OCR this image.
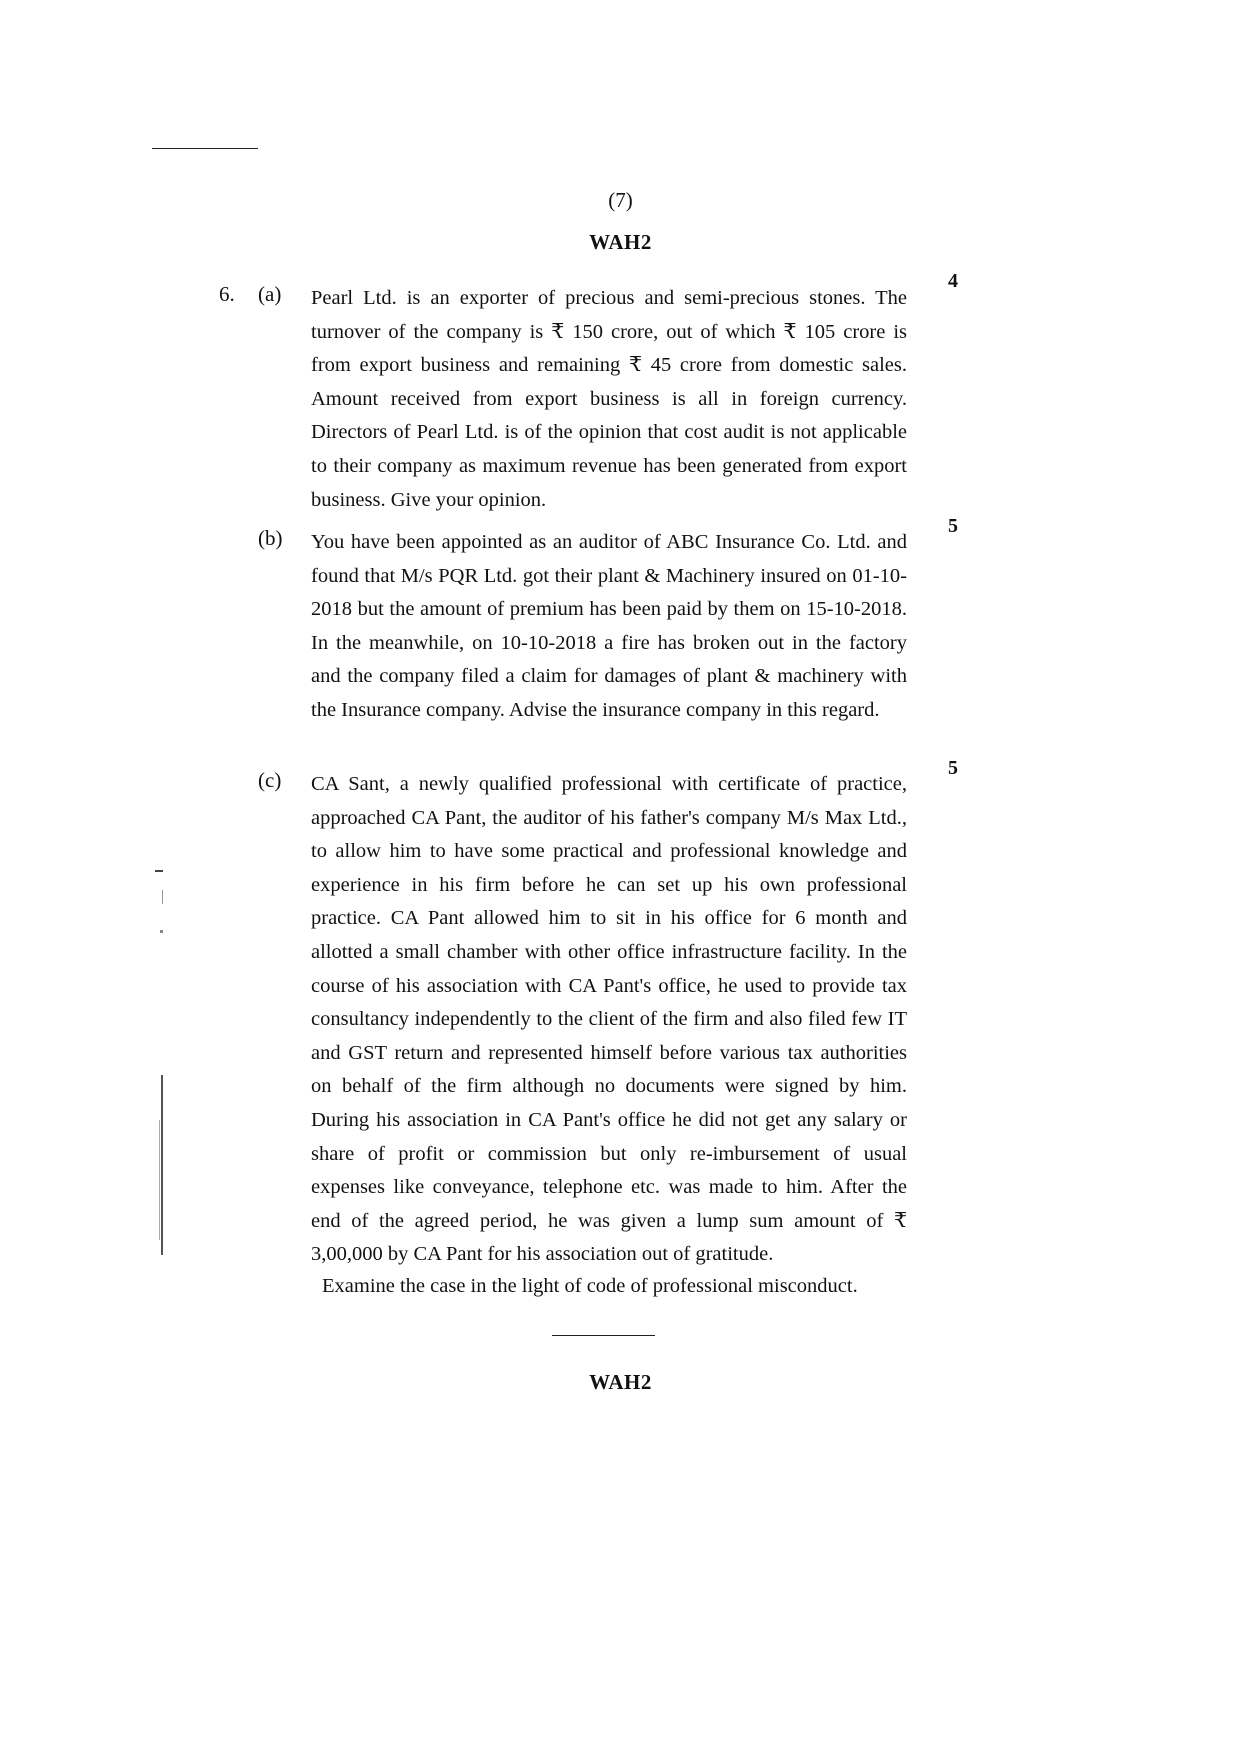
(7)
WAH2
6. (a) Pearl Ltd. is an exporter of precious and semi-precious stones. The turnover of the company is ₹ 150 crore, out of which ₹ 105 crore is from export business and remaining ₹ 45 crore from domestic sales. Amount received from export business is all in foreign currency. Directors of Pearl Ltd. is of the opinion that cost audit is not applicable to their company as maximum revenue has been generated from export business. Give your opinion.
4
(b) You have been appointed as an auditor of ABC Insurance Co. Ltd. and found that M/s PQR Ltd. got their plant & Machinery insured on 01-10-2018 but the amount of premium has been paid by them on 15-10-2018. In the meanwhile, on 10-10-2018 a fire has broken out in the factory and the company filed a claim for damages of plant & machinery with the Insurance company. Advise the insurance company in this regard.
5
(c) CA Sant, a newly qualified professional with certificate of practice, approached CA Pant, the auditor of his father's company M/s Max Ltd., to allow him to have some practical and professional knowledge and experience in his firm before he can set up his own professional practice. CA Pant allowed him to sit in his office for 6 month and allotted a small chamber with other office infrastructure facility. In the course of his association with CA Pant's office, he used to provide tax consultancy independently to the client of the firm and also filed few IT and GST return and represented himself before various tax authorities on behalf of the firm although no documents were signed by him. During his association in CA Pant's office he did not get any salary or share of profit or commission but only re-imbursement of usual expenses like conveyance, telephone etc. was made to him. After the end of the agreed period, he was given a lump sum amount of ₹ 3,00,000 by CA Pant for his association out of gratitude.
5
Examine the case in the light of code of professional misconduct.
WAH2
